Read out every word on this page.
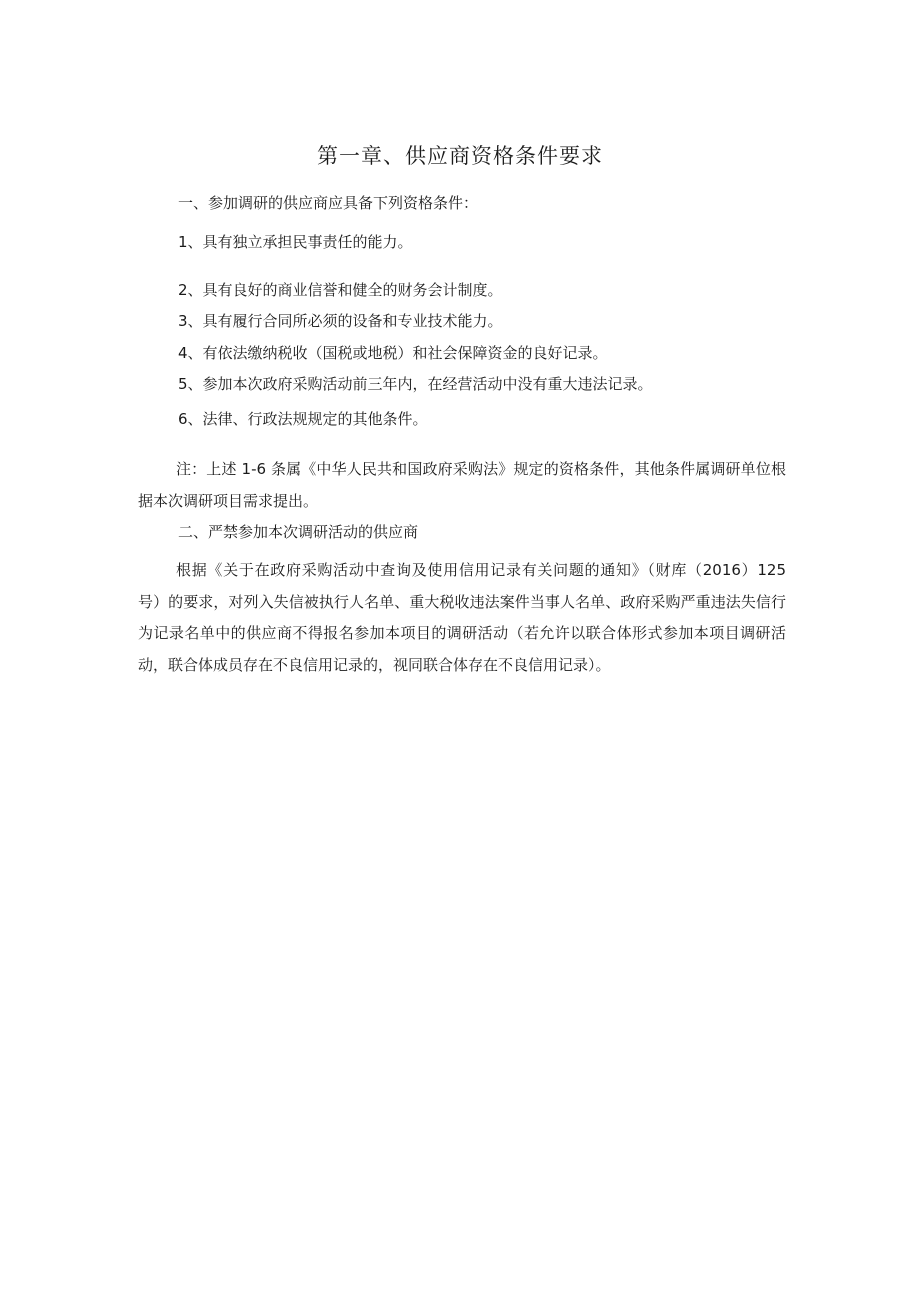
第一章、供应商资格条件要求
一、参加调研的供应商应具备下列资格条件：
1、具有独立承担民事责任的能力。
2、具有良好的商业信誉和健全的财务会计制度。
3、具有履行合同所必须的设备和专业技术能力。
4、有依法缴纳税收（国税或地税）和社会保障资金的良好记录。
5、参加本次政府采购活动前三年内，在经营活动中没有重大违法记录。
6、法律、行政法规规定的其他条件。
注：上述 1-6 条属《中华人民共和国政府采购法》规定的资格条件，其他条件属调研单位根据本次调研项目需求提出。
二、严禁参加本次调研活动的供应商
根据《关于在政府采购活动中查询及使用信用记录有关问题的通知》（财库（2016）125 号）的要求，对列入失信被执行人名单、重大税收违法案件当事人名单、政府采购严重违法失信行为记录名单中的供应商不得报名参加本项目的调研活动（若允许以联合体形式参加本项目调研活动，联合体成员存在不良信用记录的，视同联合体存在不良信用记录）。
